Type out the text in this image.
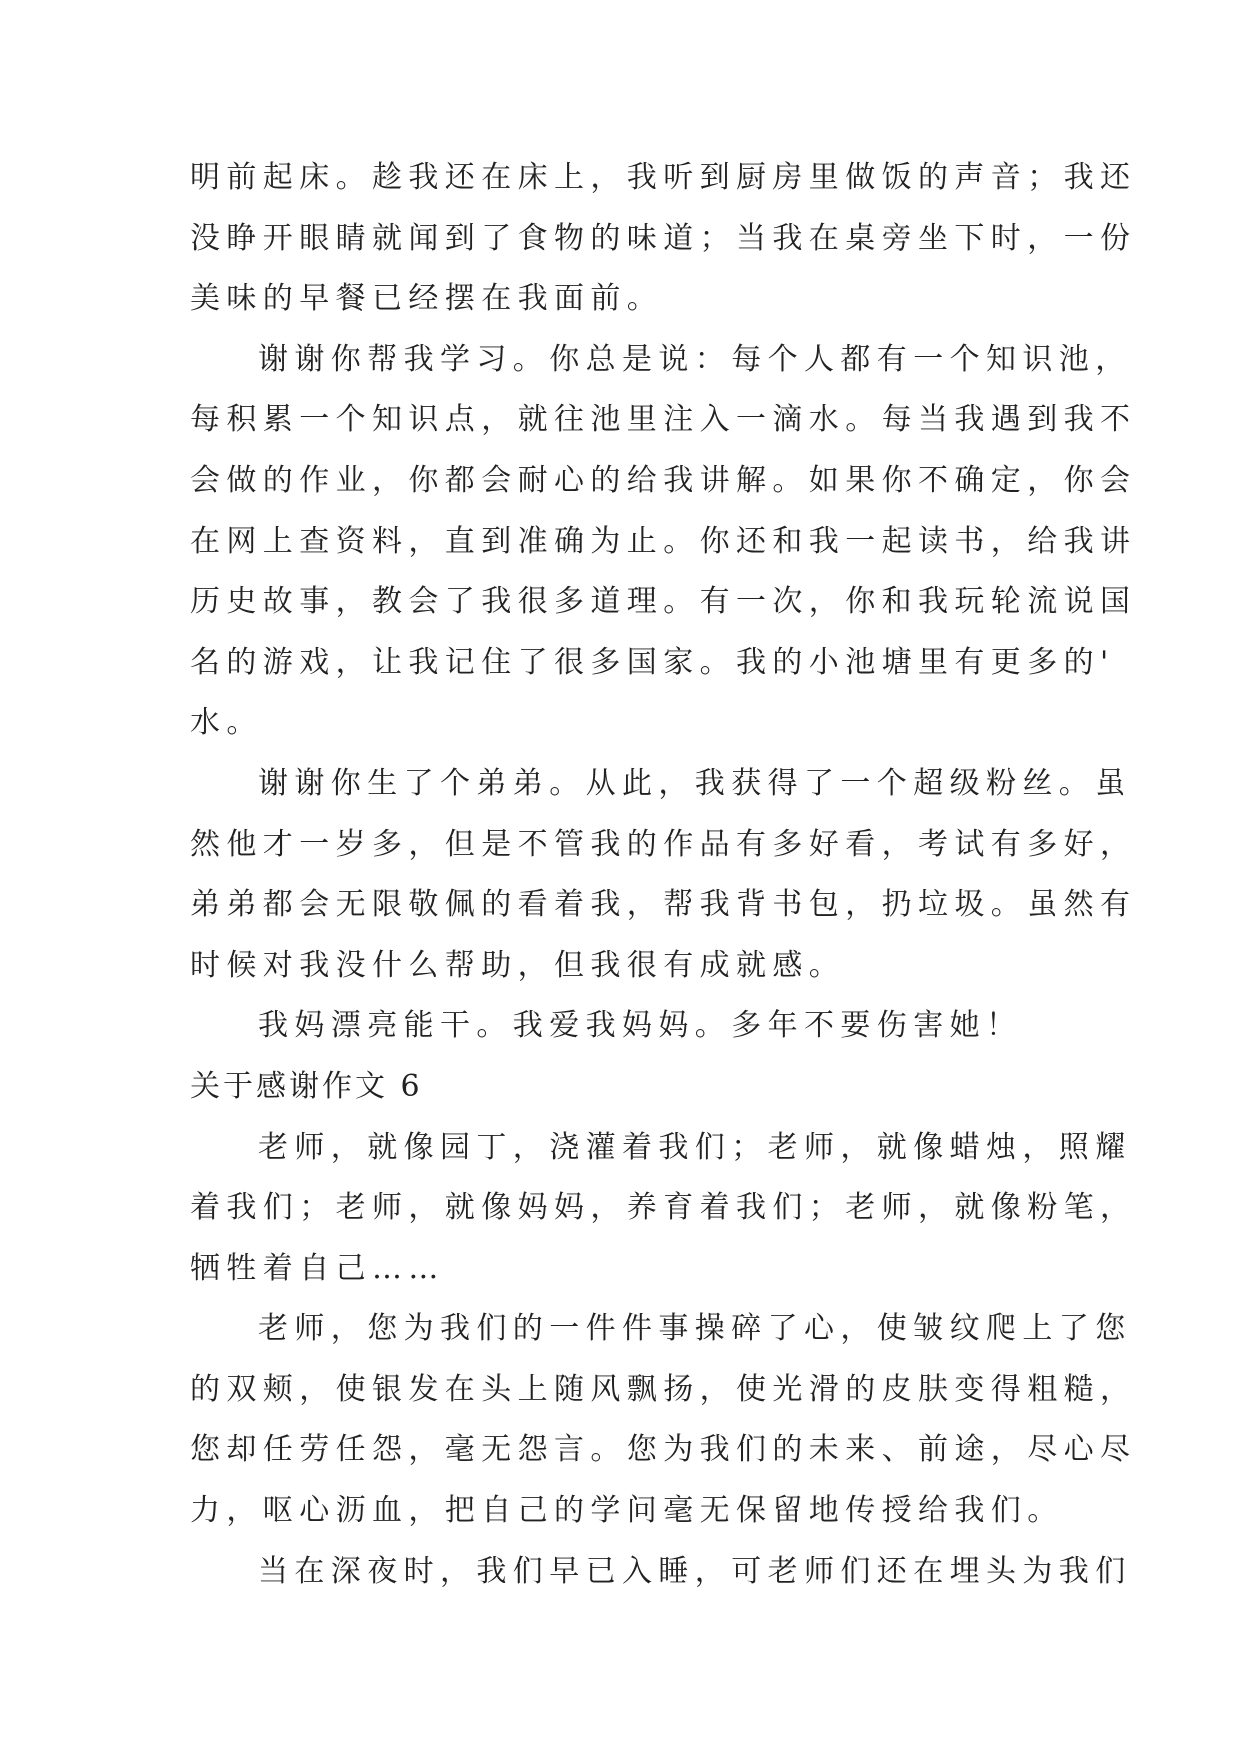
明前起床。趁我还在床上，我听到厨房里做饭的声音；我还
没睁开眼睛就闻到了食物的味道；当我在桌旁坐下时，一份
美味的早餐已经摆在我面前。
谢谢你帮我学习。你总是说：每个人都有一个知识池，
每积累一个知识点，就往池里注入一滴水。每当我遇到我不
会做的作业，你都会耐心的给我讲解。如果你不确定，你会
在网上查资料，直到准确为止。你还和我一起读书，给我讲
历史故事，教会了我很多道理。有一次，你和我玩轮流说国
名的游戏，让我记住了很多国家。我的小池塘里有更多的'
水。
谢谢你生了个弟弟。从此，我获得了一个超级粉丝。虽
然他才一岁多，但是不管我的作品有多好看，考试有多好，
弟弟都会无限敬佩的看着我，帮我背书包，扔垃圾。虽然有
时候对我没什么帮助，但我很有成就感。
我妈漂亮能干。我爱我妈妈。多年不要伤害她！
关于感谢作文 6
老师，就像园丁，浇灌着我们；老师，就像蜡烛，照耀
着我们；老师，就像妈妈，养育着我们；老师，就像粉笔，
牺牲着自己……
老师，您为我们的一件件事操碎了心，使皱纹爬上了您
的双颊，使银发在头上随风飘扬，使光滑的皮肤变得粗糙，
您却任劳任怨，毫无怨言。您为我们的未来、前途，尽心尽
力，呕心沥血，把自己的学问毫无保留地传授给我们。
当在深夜时，我们早已入睡，可老师们还在埋头为我们
